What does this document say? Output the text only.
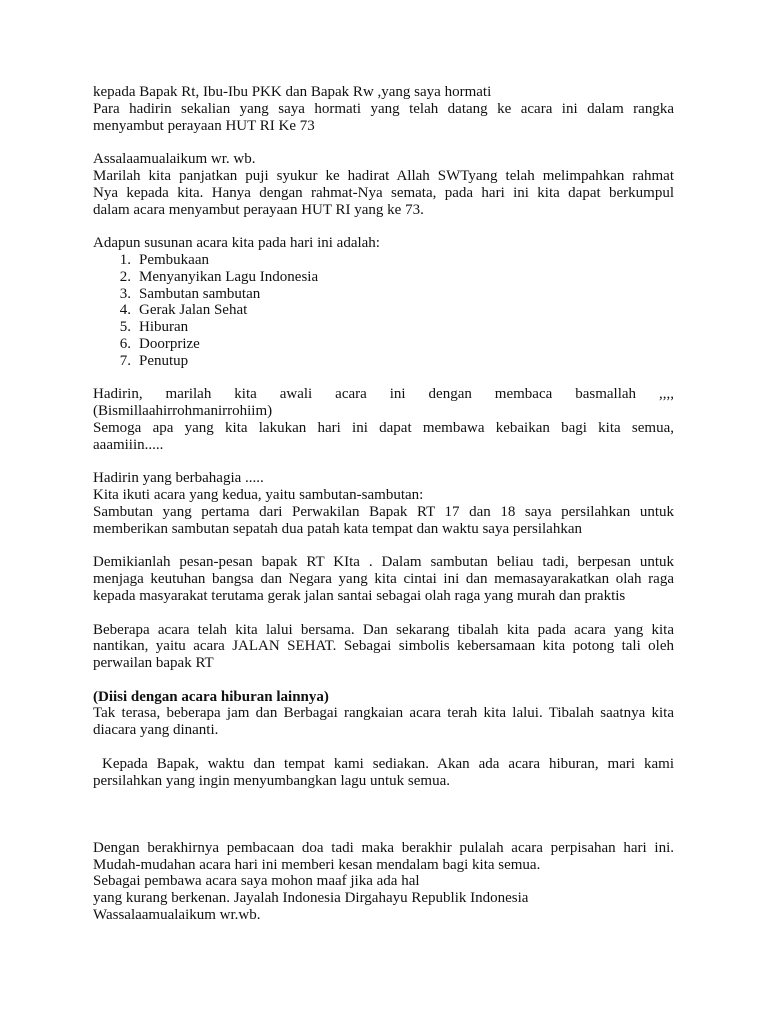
kepada Bapak Rt, Ibu-Ibu PKK dan Bapak Rw ,yang saya hormati
Para hadirin sekalian yang saya hormati yang telah datang ke acara ini dalam rangka
menyambut perayaan HUT RI Ke 73
Assalaamualaikum wr. wb.
Marilah kita panjatkan puji syukur ke hadirat Allah SWTyang telah melimpahkan rahmat
Nya kepada kita. Hanya dengan rahmat-Nya semata, pada hari ini kita dapat berkumpul
dalam acara menyambut perayaan HUT RI yang ke 73.
Adapun susunan acara kita pada hari ini adalah:
1. Pembukaan
2. Menyanyikan Lagu Indonesia
3. Sambutan sambutan
4. Gerak Jalan Sehat
5. Hiburan
6. Doorprize
7. Penutup
Hadirin, marilah kita awali acara ini dengan membaca basmallah ,,,,
(Bismillaahirrohmanirrohiim)
Semoga apa yang kita lakukan hari ini dapat membawa kebaikan bagi kita semua,
aaamiiin.....
Hadirin yang berbahagia .....
Kita ikuti acara yang kedua, yaitu sambutan-sambutan:
Sambutan yang pertama dari Perwakilan Bapak RT 17 dan 18 saya persilahkan untuk
memberikan sambutan sepatah dua patah kata tempat dan waktu saya persilahkan
Demikianlah pesan-pesan bapak RT KIta . Dalam sambutan beliau tadi, berpesan untuk
menjaga keutuhan bangsa dan Negara yang kita cintai ini dan memasayarakatkan olah raga
kepada masyarakat terutama gerak jalan santai sebagai olah raga yang murah dan praktis
Beberapa acara telah kita lalui bersama. Dan sekarang tibalah kita pada acara yang kita
nantikan, yaitu acara JALAN SEHAT. Sebagai simbolis kebersamaan kita potong tali oleh
perwailan bapak RT
(Diisi dengan acara hiburan lainnya)
Tak terasa, beberapa jam dan Berbagai rangkaian acara terah kita lalui. Tibalah saatnya kita
diacara yang dinanti.
Kepada Bapak, waktu dan tempat kami sediakan. Akan ada acara hiburan, mari kami
persilahkan yang ingin menyumbangkan lagu untuk semua.
Dengan berakhirnya pembacaan doa tadi maka berakhir pulalah acara perpisahan hari ini.
Mudah-mudahan acara hari ini memberi kesan mendalam bagi kita semua.
Sebagai pembawa acara saya mohon maaf jika ada hal
yang kurang berkenan. Jayalah Indonesia Dirgahayu Republik Indonesia
Wassalaamualaikum wr.wb.
